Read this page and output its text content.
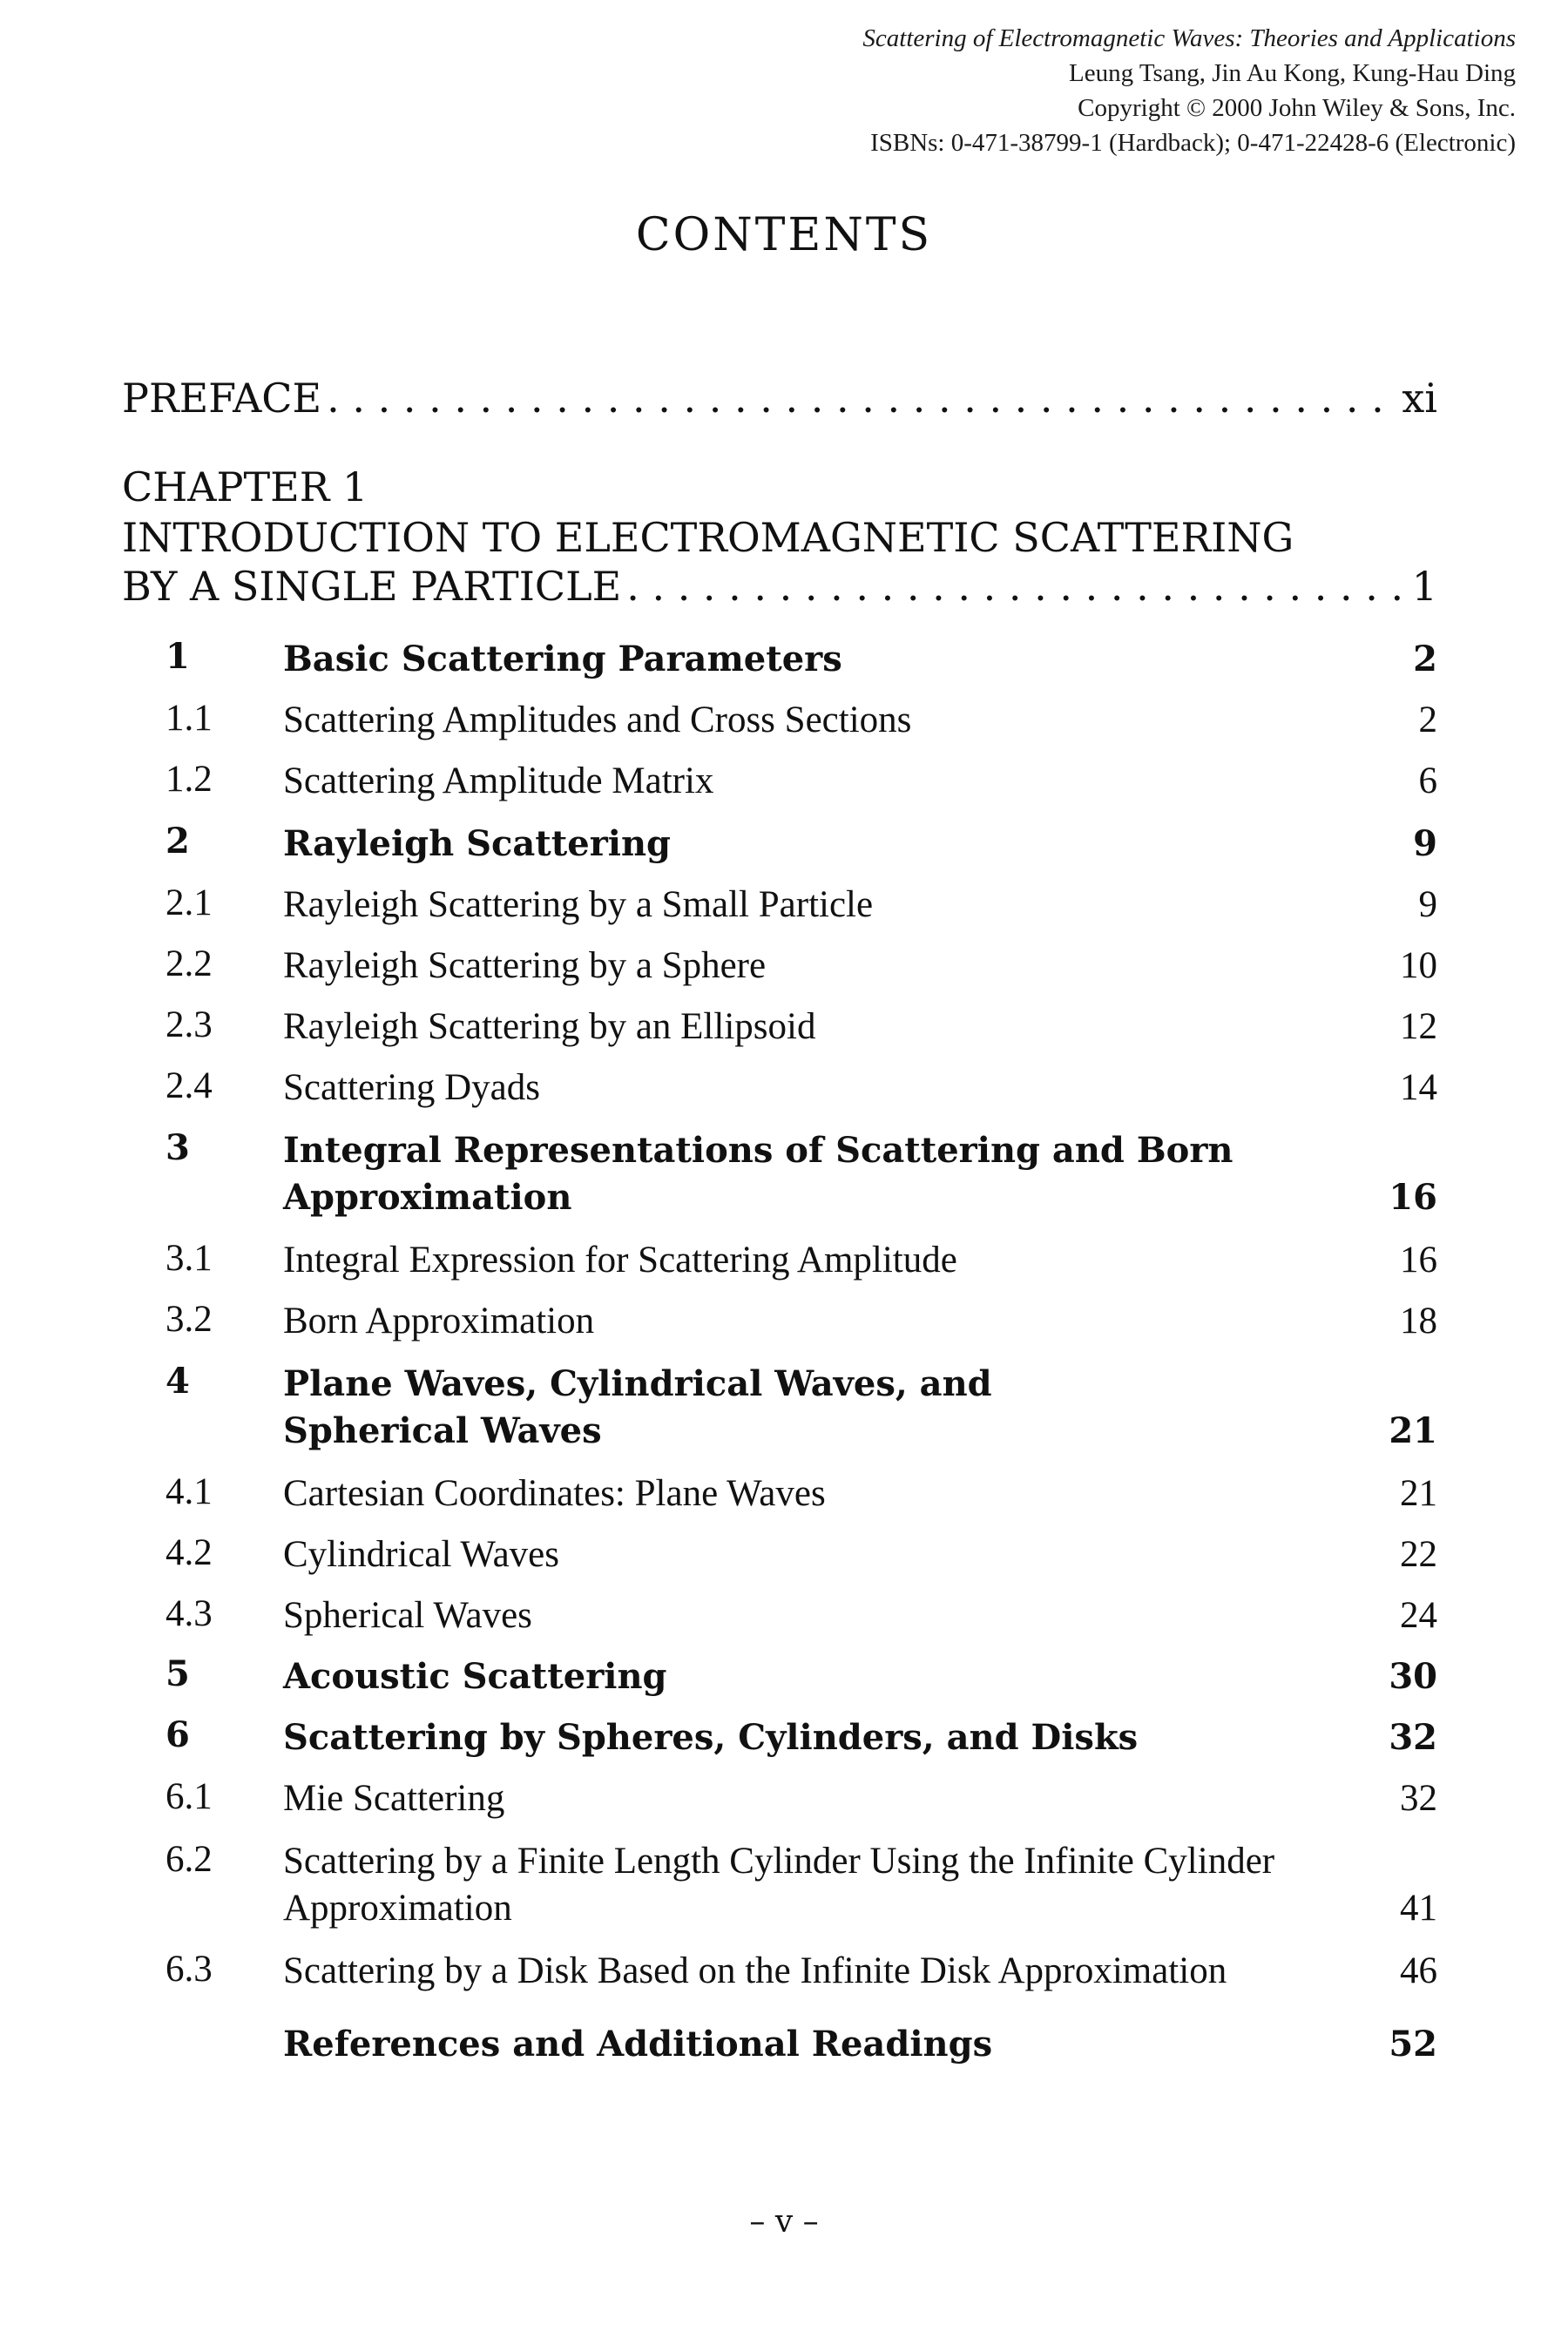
Scattering of Electromagnetic Waves: Theories and Applications
Leung Tsang, Jin Au Kong, Kung-Hau Ding
Copyright © 2000 John Wiley & Sons, Inc.
ISBNs: 0-471-38799-1 (Hardback); 0-471-22428-6 (Electronic)
CONTENTS
PREFACE . . .	xi
CHAPTER 1
INTRODUCTION TO ELECTROMAGNETIC SCATTERING
BY A SINGLE PARTICLE . . .	1
1	Basic Scattering Parameters	2
1.1 Scattering Amplitudes and Cross Sections	2
1.2 Scattering Amplitude Matrix	6
2	Rayleigh Scattering	9
2.1 Rayleigh Scattering by a Small Particle	9
2.2 Rayleigh Scattering by a Sphere	10
2.3 Rayleigh Scattering by an Ellipsoid	12
2.4 Scattering Dyads	14
3	Integral Representations of Scattering and Born Approximation	16
3.1 Integral Expression for Scattering Amplitude	16
3.2 Born Approximation	18
4	Plane Waves, Cylindrical Waves, and Spherical Waves	21
4.1 Cartesian Coordinates: Plane Waves	21
4.2 Cylindrical Waves	22
4.3 Spherical Waves	24
5	Acoustic Scattering	30
6	Scattering by Spheres, Cylinders, and Disks	32
6.1 Mie Scattering	32
6.2 Scattering by a Finite Length Cylinder Using the Infinite Cylinder Approximation	41
6.3 Scattering by a Disk Based on the Infinite Disk Approximation	46
References and Additional Readings	52
– v –
